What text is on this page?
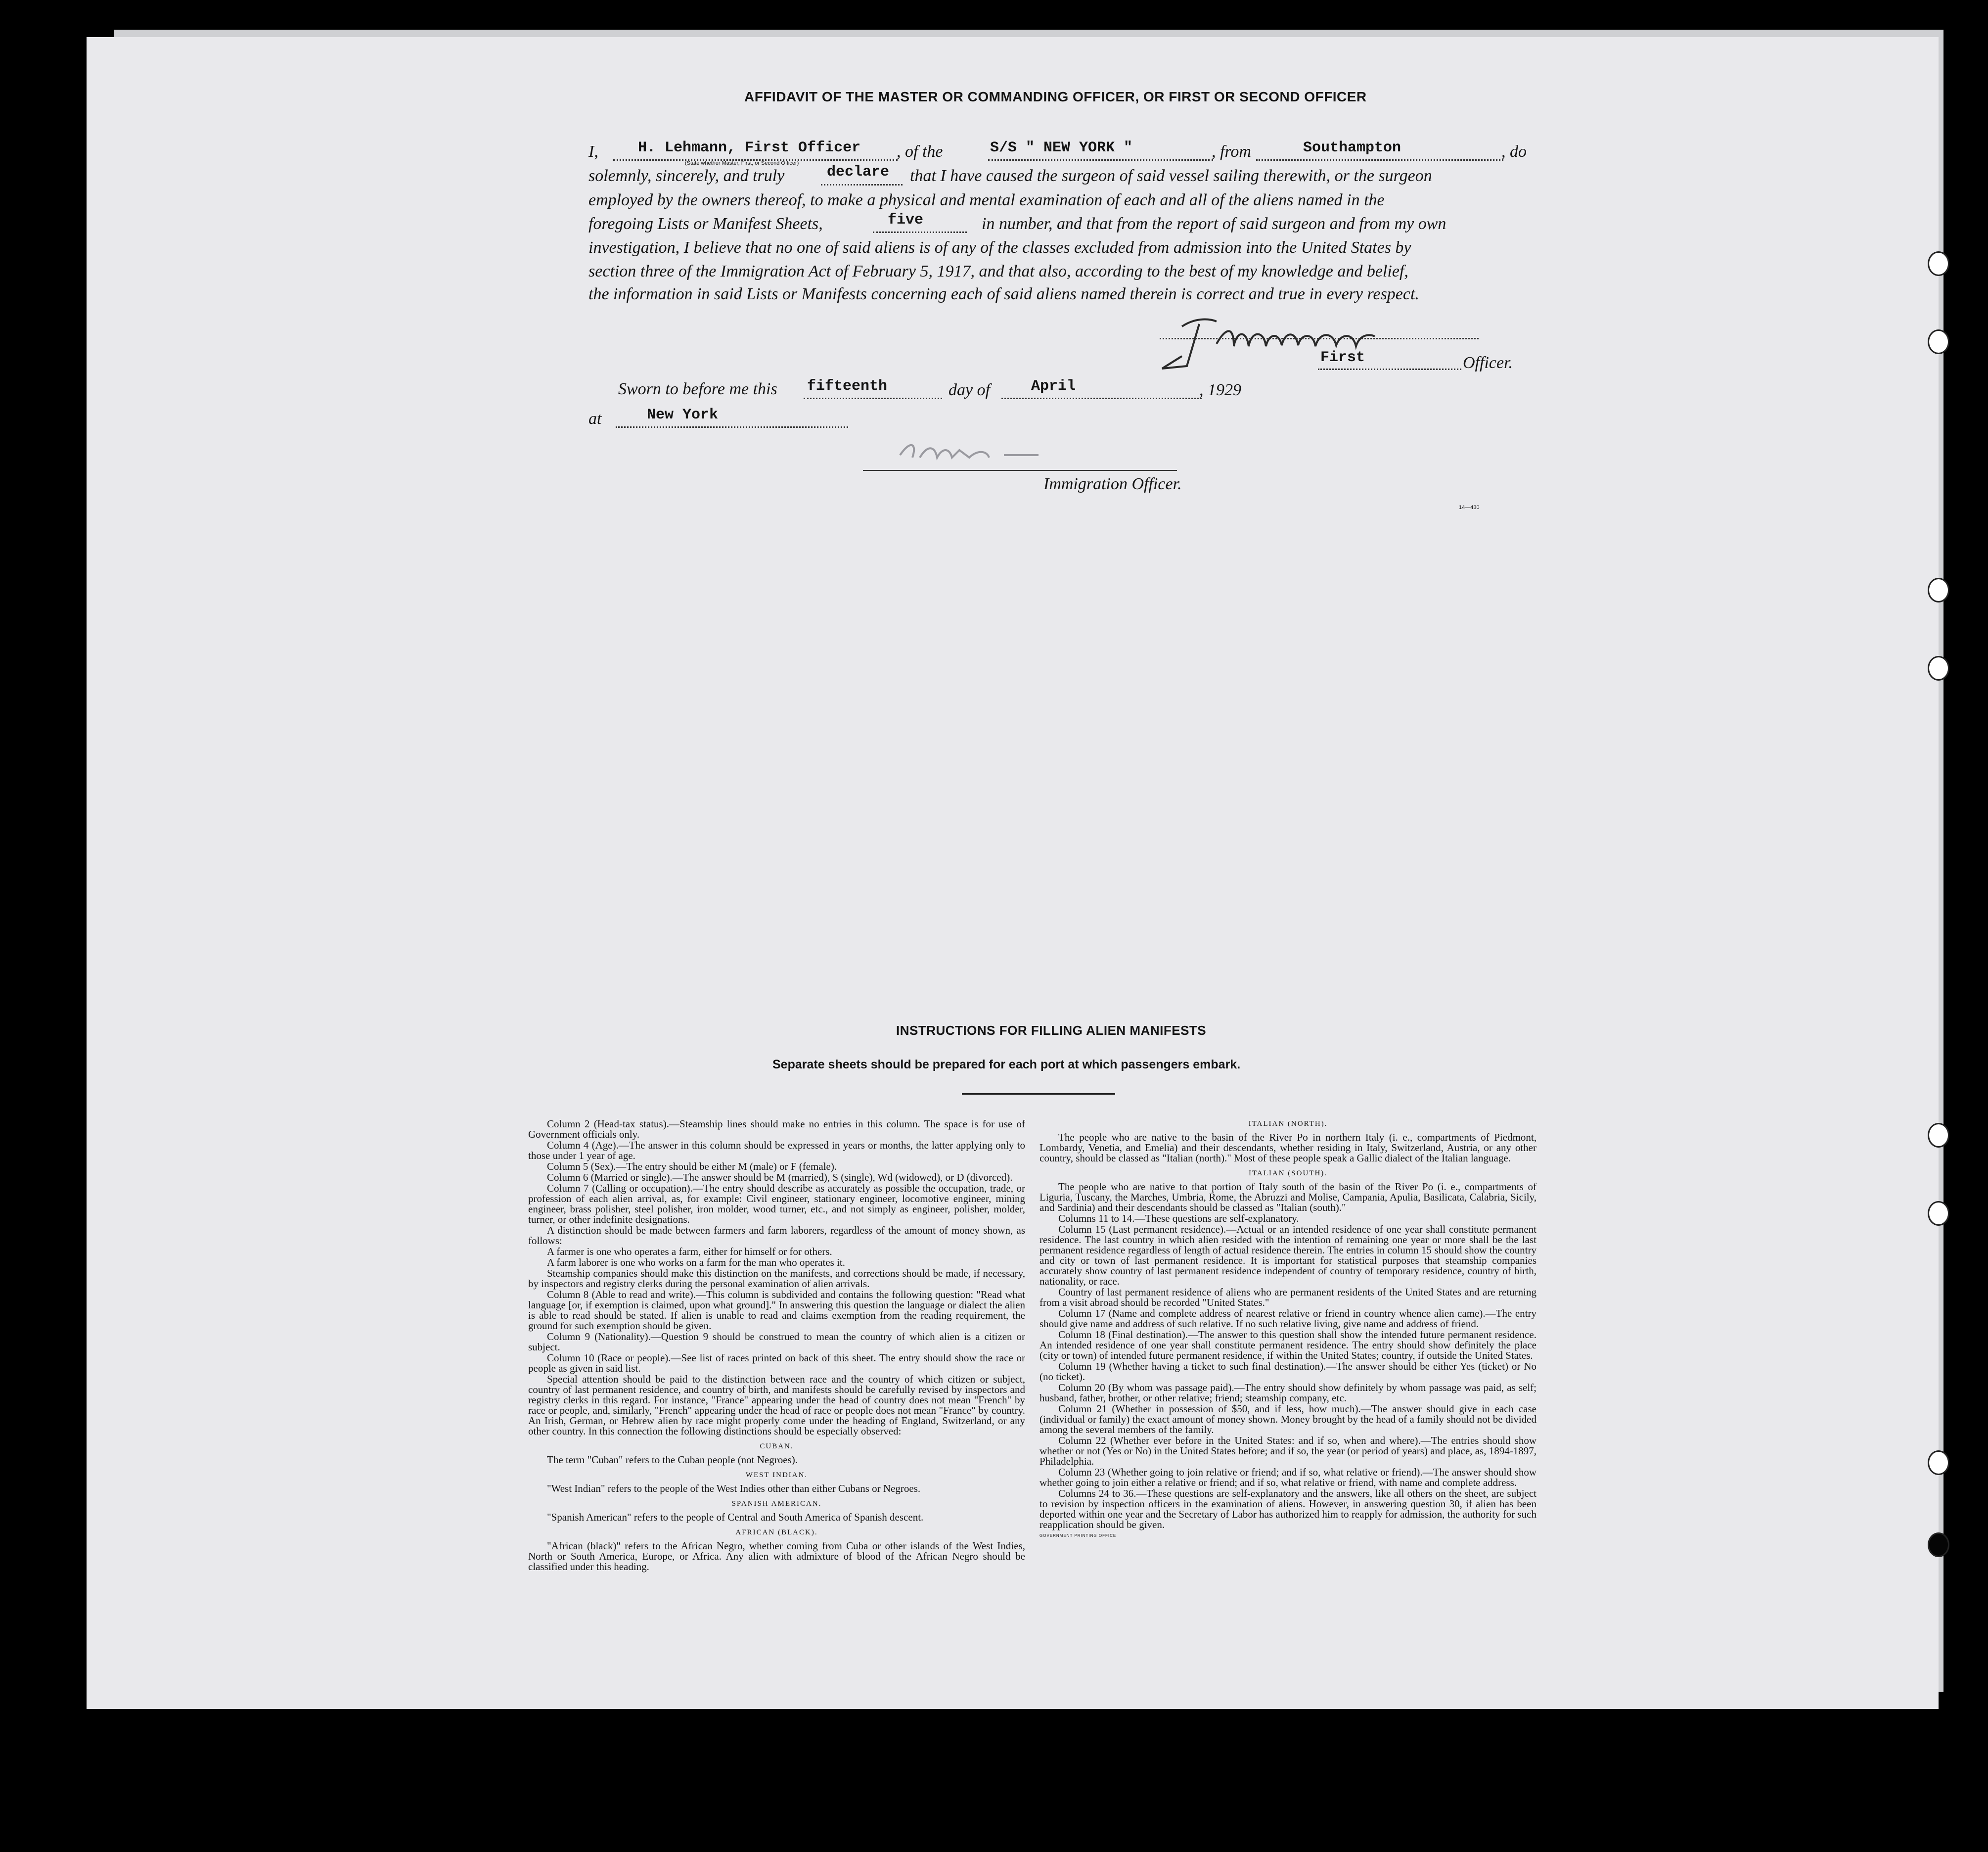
AFFIDAVIT OF THE MASTER OR COMMANDING OFFICER, OR FIRST OR SECOND OFFICER
I,	H. Lehmann, First Officer , of the	S/S " NEW YORK "	, from	Southampton	, do
(State whether Master, First, or Second Officer)
solemnly, sincerely, and truly	declare that I have caused the surgeon of said vessel sailing therewith, or the surgeon
employed by the owners thereof, to make a physical and mental examination of each and all of the aliens named in the
foregoing Lists or Manifest Sheets,	five	in number, and that from the report of said surgeon and from my own
investigation, I believe that no one of said aliens is of any of the classes excluded from admission into the United States by
section three of the Immigration Act of February 5, 1917, and that also, according to the best of my knowledge and belief,
the information in said Lists or Manifests concerning each of said aliens named therein is correct and true in every respect.
First	Officer.
Sworn to before me this fifteenth	day of	April	, 1929
at	New York
Immigration Officer.
14—430
INSTRUCTIONS FOR FILLING ALIEN MANIFESTS
Separate sheets should be prepared for each port at which passengers embark.

Column 2 (Head-tax status).—Steamship lines should make no entries in this column. The space is for use of Government officials only.

Column 4 (Age).—The answer in this column should be expressed in years or months, the latter applying only to those under 1 year of age.

Column 5 (Sex).—The entry should be either M (male) or F (female).

Column 6 (Married or single).—The answer should be M (married), S (single), Wd (widowed), or D (divorced).

Column 7 (Calling or occupation).—The entry should describe as accurately as possible the occupation, trade, or profession of each alien arrival, as, for example: Civil engineer, stationary engineer, locomotive engineer, mining engineer, brass polisher, steel polisher, iron molder, wood turner, etc., and not simply as engineer, polisher, molder, turner, or other indefinite designations.

A distinction should be made between farmers and farm laborers, regardless of the amount of money shown, as follows:

A farmer is one who operates a farm, either for himself or for others.

A farm laborer is one who works on a farm for the man who operates it.

Steamship companies should make this distinction on the manifests, and corrections should be made, if necessary, by inspectors and registry clerks during the personal examination of alien arrivals.

Column 8 (Able to read and write).—This column is subdivided and contains the following question: "Read what language [or, if exemption is claimed, upon what ground]." In answering this question the language or dialect the alien is able to read should be stated. If alien is unable to read and claims exemption from the reading requirement, the ground for such exemption should be given.

Column 9 (Nationality).—Question 9 should be construed to mean the country of which alien is a citizen or subject.

Column 10 (Race or people).—See list of races printed on back of this sheet. The entry should show the race or people as given in said list.

Special attention should be paid to the distinction between race and the country of which citizen or subject, country of last permanent residence, and country of birth, and manifests should be carefully revised by inspectors and registry clerks in this regard. For instance, "France" appearing under the head of country does not mean "French" by race or people, and, similarly, "French" appearing under the head of race or people does not mean "France" by country. An Irish, German, or Hebrew alien by race might properly come under the heading of England, Switzerland, or any other country. In this connection the following distinctions should be especially observed:

CUBAN.

The term "Cuban" refers to the Cuban people (not Negroes).

WEST INDIAN.

"West Indian" refers to the people of the West Indies other than either Cubans or Negroes.

SPANISH AMERICAN.

"Spanish American" refers to the people of Central and South America of Spanish descent.

AFRICAN (BLACK).

"African (black)" refers to the African Negro, whether coming from Cuba or other islands of the West Indies, North or South America, Europe, or Africa. Any alien with admixture of blood of the African Negro should be classified under this heading.

ITALIAN (NORTH).

The people who are native to the basin of the River Po in northern Italy (i. e., compartments of Piedmont, Lombardy, Venetia, and Emelia) and their descendants, whether residing in Italy, Switzerland, Austria, or any other country, should be classed as "Italian (north)." Most of these people speak a Gallic dialect of the Italian language.

ITALIAN (SOUTH).

The people who are native to that portion of Italy south of the basin of the River Po (i. e., compartments of Liguria, Tuscany, the Marches, Umbria, Rome, the Abruzzi and Molise, Campania, Apulia, Basilicata, Calabria, Sicily, and Sardinia) and their descendants should be classed as "Italian (south)."

Columns 11 to 14.—These questions are self-explanatory.

Column 15 (Last permanent residence).—Actual or an intended residence of one year shall constitute permanent residence. The last country in which alien resided with the intention of remaining one year or more shall be the last permanent residence regardless of length of actual residence therein. The entries in column 15 should show the country and city or town of last permanent residence. It is important for statistical purposes that steamship companies accurately show country of last permanent residence independent of country of temporary residence, country of birth, nationality, or race.

Country of last permanent residence of aliens who are permanent residents of the United States and are returning from a visit abroad should be recorded "United States."

Column 17 (Name and complete address of nearest relative or friend in country whence alien came).—The entry should give name and address of such relative. If no such relative living, give name and address of friend.

Column 18 (Final destination).—The answer to this question shall show the intended future permanent residence. An intended residence of one year shall constitute permanent residence. The entry should show definitely the place (city or town) of intended future permanent residence, if within the United States; country, if outside the United States.

Column 19 (Whether having a ticket to such final destination).—The answer should be either Yes (ticket) or No (no ticket).

Column 20 (By whom was passage paid).—The entry should show definitely by whom passage was paid, as self; husband, father, brother, or other relative; friend; steamship company, etc.

Column 21 (Whether in possession of $50, and if less, how much).—The answer should give in each case (individual or family) the exact amount of money shown. Money brought by the head of a family should not be divided among the several members of the family.

Column 22 (Whether ever before in the United States: and if so, when and where).—The entries should show whether or not (Yes or No) in the United States before; and if so, the year (or period of years) and place, as, 1894-1897, Philadelphia.

Column 23 (Whether going to join relative or friend; and if so, what relative or friend).—The answer should show whether going to join either a relative or friend; and if so, what relative or friend, with name and complete address.

Columns 24 to 36.—These questions are self-explanatory and the answers, like all others on the sheet, are subject to revision by inspection officers in the examination of aliens. However, in answering question 30, if alien has been deported within one year and the Secretary of Labor has authorized him to reapply for admission, the authority for such reapplication should be given.

GOVERNMENT PRINTING OFFICE
